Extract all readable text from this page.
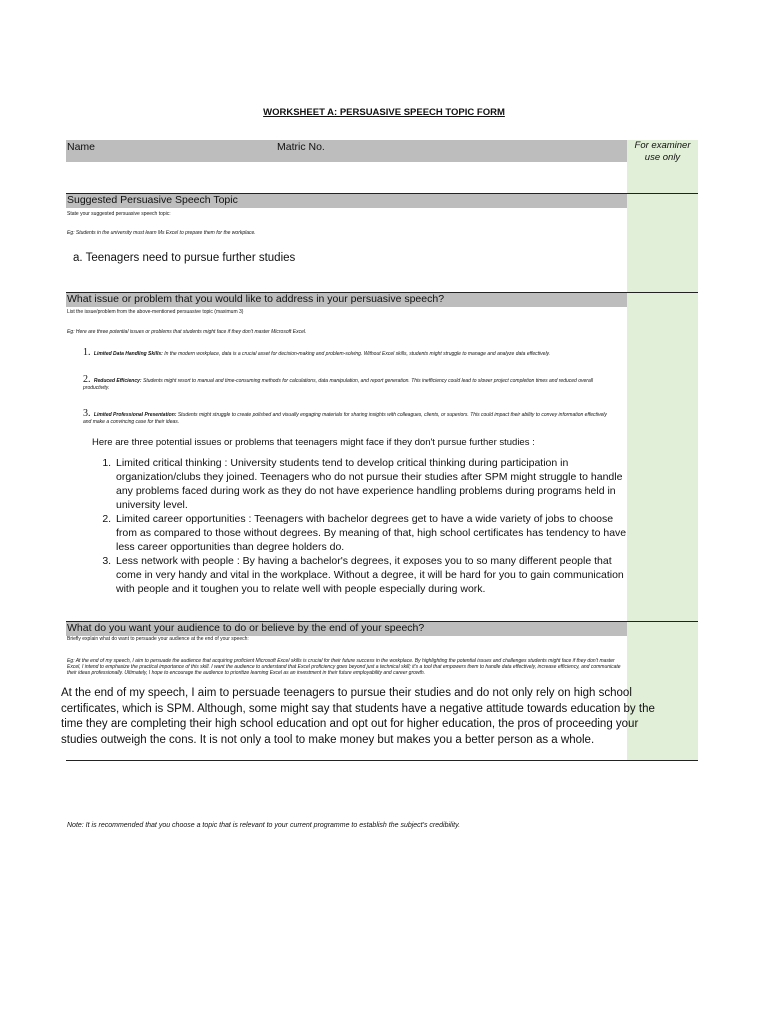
WORKSHEET A: PERSUASIVE SPEECH TOPIC FORM
For examiner use only
Name	Matric No.
Suggested Persuasive Speech Topic
State your suggested persuasive speech topic:
Eg: Students in the university must learn Ms Excel to prepare them for the workplace.
a. Teenagers need to pursue further studies
What issue or problem that you would like to address in your persuasive speech?
List the issue/problem from the above-mentioned persuasive topic (maximum 3)
Eg: Here are three potential issues or problems that students might face if they don't master Microsoft Excel.
1. Limited Data Handling Skills: In the modern workplace, data is a crucial asset for decision-making and problem-solving. Without Excel skills, students might struggle to manage and analyze data effectively.
2. Reduced Efficiency: Students might resort to manual and time-consuming methods for calculations, data manipulation, and report generation. This inefficiency could lead to slower project completion times and reduced overall productivity.
3. Limited Professional Presentation: Students might struggle to create polished and visually engaging materials for sharing insights with colleagues, clients, or superiors. This could impact their ability to convey information effectively and make a convincing case for their ideas.
Here are three potential issues or problems that teenagers might face if they don't pursue further studies :
1. Limited critical thinking : University students tend to develop critical thinking during participation in organization/clubs they joined. Teenagers who do not pursue their studies after SPM might struggle to handle any problems faced during work as they do not have experience handling problems during programs held in university level.
2. Limited career opportunities : Teenagers with bachelor degrees get to have a wide variety of jobs to choose from as compared to those without degrees. By meaning of that, high school certificates has tendency to have less career opportunities than degree holders do.
3. Less network with people : By having a bachelor's degrees, it exposes you to so many different people that come in very handy and vital in the workplace. Without a degree, it will be hard for you to gain communication with people and it toughen you to relate well with people especially during work.
What do you want your audience to do or believe by the end of your speech?
Briefly explain what do want to persuade your audience at the end of your speech:
Eg: At the end of my speech, I aim to persuade the audience that acquiring proficient Microsoft Excel skills is crucial for their future success in the workplace. By highlighting the potential issues and challenges students might face if they don't master Excel, I intend to emphasize the practical importance of this skill. I want the audience to understand that Excel proficiency goes beyond just a technical skill; it's a tool that empowers them to handle data effectively, increase efficiency, and communicate their ideas professionally. Ultimately, I hope to encourage the audience to prioritize learning Excel as an investment in their future employability and career growth.
At the end of my speech, I aim to persuade teenagers to pursue their studies and do not only rely on high school certificates, which is SPM. Although, some might say that students have a negative attitude towards education by the time they are completing their high school education and opt out for higher education, the pros of proceeding your studies outweigh the cons. It is not only a tool to make money but makes you a better person as a whole.
Note: It is recommended that you choose a topic that is relevant to your current programme to establish the subject's credibility.
